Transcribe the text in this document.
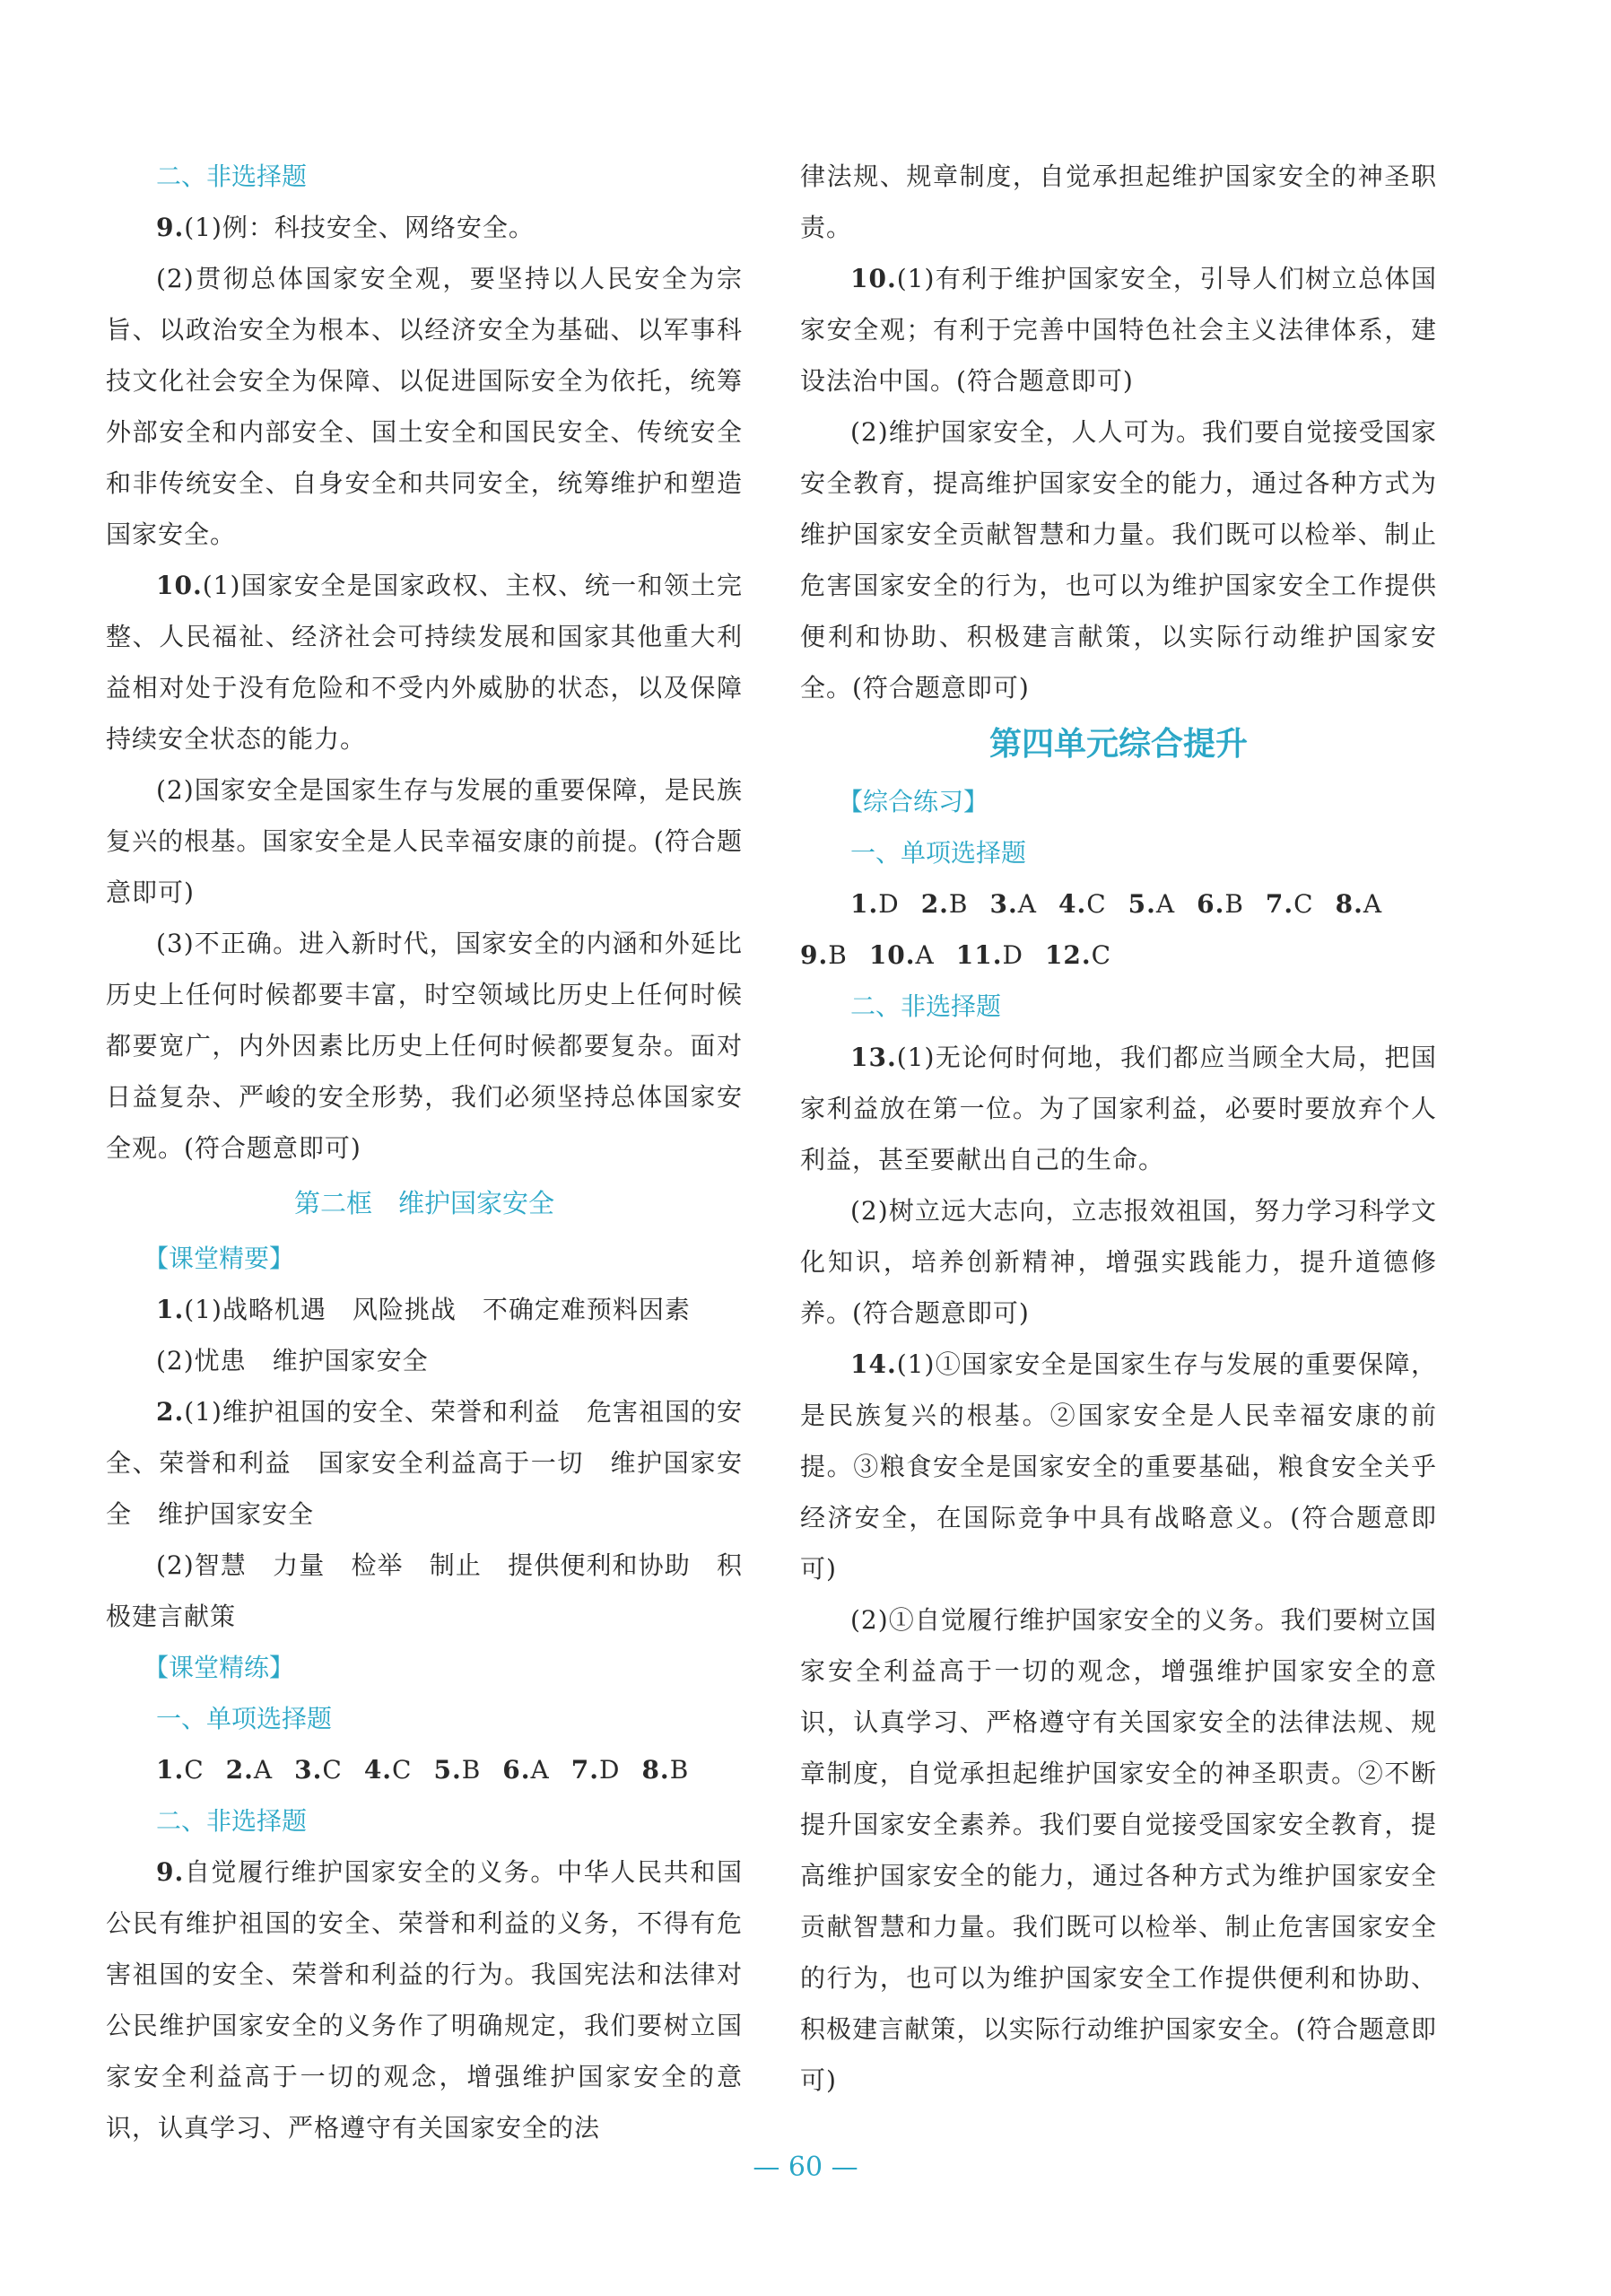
二、非选择题

9.(1)例：科技安全、网络安全。

(2)贯彻总体国家安全观，要坚持以人民安全为宗旨、以政治安全为根本、以经济安全为基础、以军事科技文化社会安全为保障、以促进国际安全为依托，统筹外部安全和内部安全、国土安全和国民安全、传统安全和非传统安全、自身安全和共同安全，统筹维护和塑造国家安全。

10.(1)国家安全是国家政权、主权、统一和领土完整、人民福祉、经济社会可持续发展和国家其他重大利益相对处于没有危险和不受内外威胁的状态，以及保障持续安全状态的能力。

(2)国家安全是国家生存与发展的重要保障，是民族复兴的根基。国家安全是人民幸福安康的前提。(符合题意即可)

(3)不正确。进入新时代，国家安全的内涵和外延比历史上任何时候都要丰富，时空领域比历史上任何时候都要宽广，内外因素比历史上任何时候都要复杂。面对日益复杂、严峻的安全形势，我们必须坚持总体国家安全观。(符合题意即可)

第二框　维护国家安全

【课堂精要】

1.(1)战略机遇　风险挑战　不确定难预料因素

(2)忧患　维护国家安全

2.(1)维护祖国的安全、荣誉和利益　危害祖国的安全、荣誉和利益　国家安全利益高于一切　维护国家安全　维护国家安全

(2)智慧　力量　检举　制止　提供便利和协助　积极建言献策

【课堂精练】

一、单项选择题

1.C 2.A 3.C 4.C 5.B 6.A 7.D 8.B

二、非选择题

9.自觉履行维护国家安全的义务。中华人民共和国公民有维护祖国的安全、荣誉和利益的义务，不得有危害祖国的安全、荣誉和利益的行为。我国宪法和法律对公民维护国家安全的义务作了明确规定，我们要树立国家安全利益高于一切的观念，增强维护国家安全的意识，认真学习、严格遵守有关国家安全的法

律法规、规章制度，自觉承担起维护国家安全的神圣职责。

10.(1)有利于维护国家安全，引导人们树立总体国家安全观；有利于完善中国特色社会主义法律体系，建设法治中国。(符合题意即可)

(2)维护国家安全，人人可为。我们要自觉接受国家安全教育，提高维护国家安全的能力，通过各种方式为维护国家安全贡献智慧和力量。我们既可以检举、制止危害国家安全的行为，也可以为维护国家安全工作提供便利和协助、积极建言献策，以实际行动维护国家安全。(符合题意即可)

第四单元综合提升

【综合练习】

一、单项选择题

1.D 2.B 3.A 4.C 5.A 6.B 7.C 8.A

9.B 10.A 11.D 12.C

二、非选择题

13.(1)无论何时何地，我们都应当顾全大局，把国家利益放在第一位。为了国家利益，必要时要放弃个人利益，甚至要献出自己的生命。

(2)树立远大志向，立志报效祖国，努力学习科学文化知识，培养创新精神，增强实践能力，提升道德修养。(符合题意即可)

14.(1)①国家安全是国家生存与发展的重要保障，是民族复兴的根基。②国家安全是人民幸福安康的前提。③粮食安全是国家安全的重要基础，粮食安全关乎经济安全，在国际竞争中具有战略意义。(符合题意即可)

(2)①自觉履行维护国家安全的义务。我们要树立国家安全利益高于一切的观念，增强维护国家安全的意识，认真学习、严格遵守有关国家安全的法律法规、规章制度，自觉承担起维护国家安全的神圣职责。②不断提升国家安全素养。我们要自觉接受国家安全教育，提高维护国家安全的能力，通过各种方式为维护国家安全贡献智慧和力量。我们既可以检举、制止危害国家安全的行为，也可以为维护国家安全工作提供便利和协助、积极建言献策，以实际行动维护国家安全。(符合题意即可)

— 60 —
